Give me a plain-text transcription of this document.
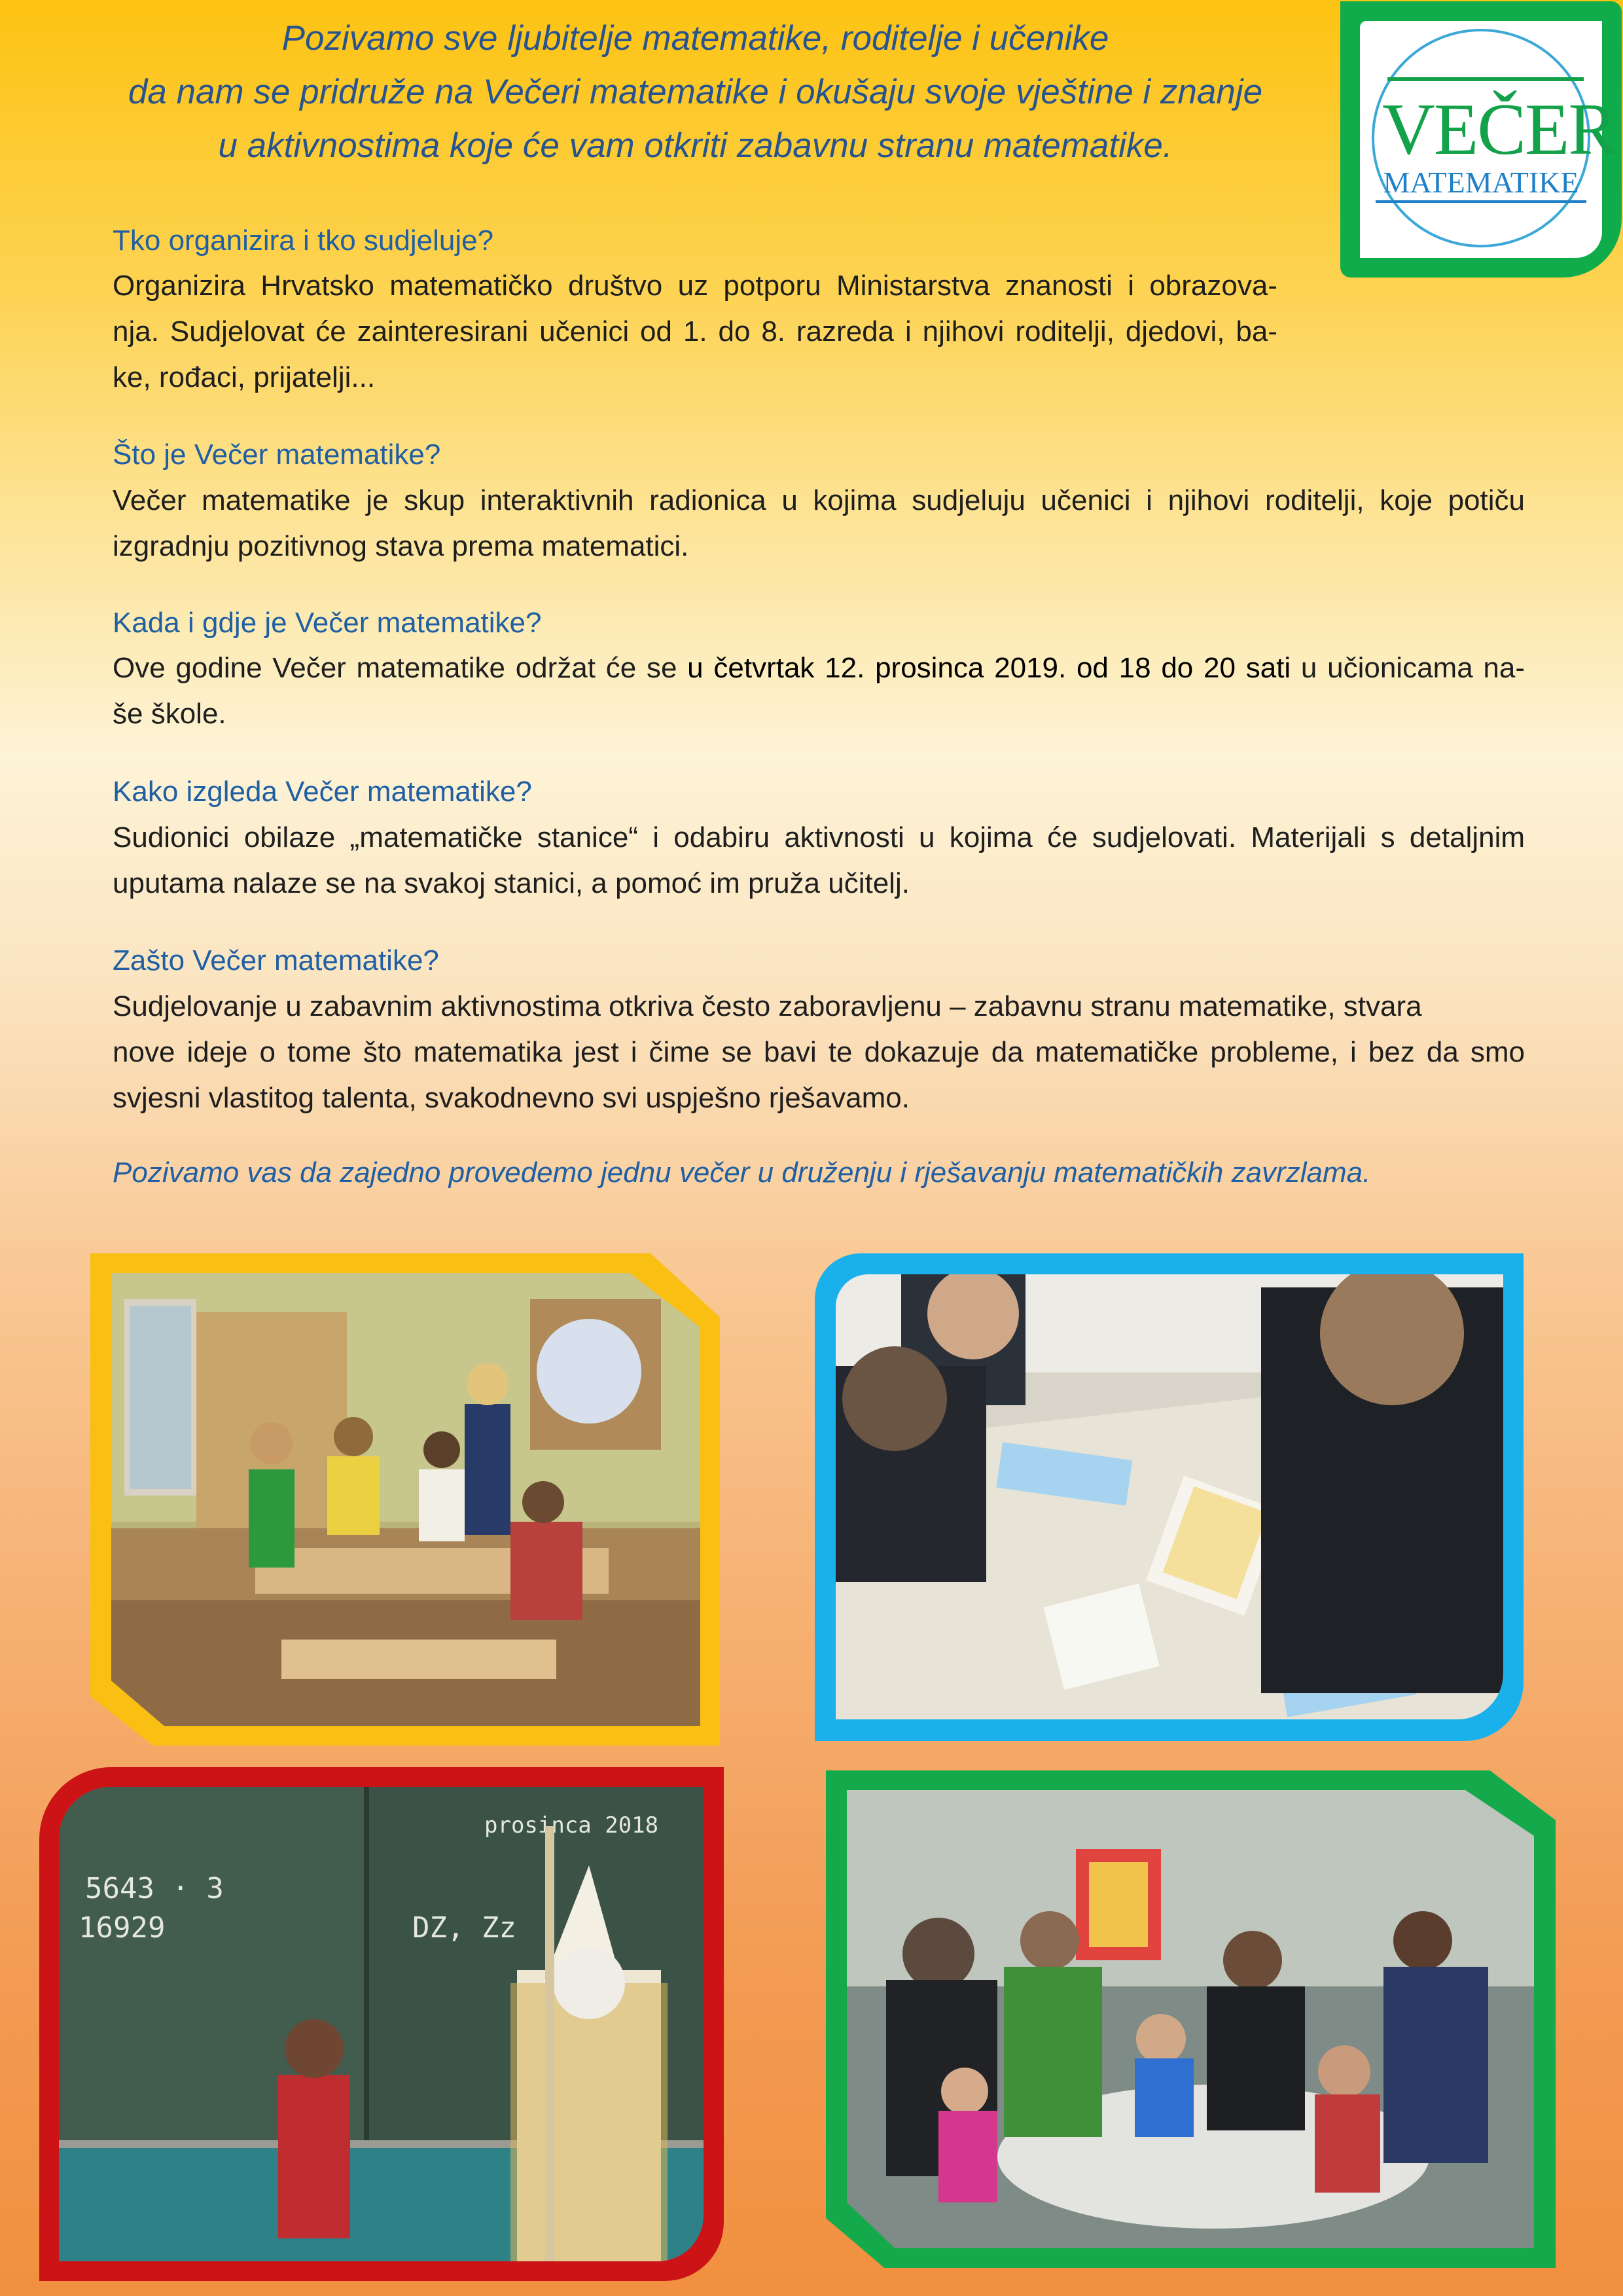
Pozivamo sve ljubitelje matematike, roditelje i učenike
da nam se pridruže na Večeri matematike i okušaju svoje vještine i znanje
u aktivnostima koje će vam otkriti zabavnu stranu matematike.	VEČER
MATEMATIKE
Tko organizira i tko sudjeluje?
Organizira Hrvatsko matematičko društvo uz potporu Ministarstva znanosti i obrazova-
nja. Sudjelovat će zainteresirani učenici od 1. do 8. razreda i njihovi roditelji, djedovi, ba-
ke, rođaci, prijatelji...
Što je Večer matematike?
Večer matematike je skup interaktivnih radionica u kojima sudjeluju učenici i njihovi roditelji, koje potiču
izgradnju pozitivnog stava prema matematici.
Kada i gdje je Večer matematike?
Ove godine Večer matematike održat će se u četvrtak 12. prosinca 2019. od 18 do 20 sati u učionicama na-
še škole.
Kako izgleda Večer matematike?
Sudionici obilaze „matematičke stanice“ i odabiru aktivnosti u kojima će sudjelovati. Materijali s detaljnim
uputama nalaze se na svakoj stanici, a pomoć im pruža učitelj.
Zašto Večer matematike?
Sudjelovanje u zabavnim aktivnostima otkriva često zaboravljenu – zabavnu stranu matematike, stvara
nove ideje o tome što matematika jest i čime se bavi te dokazuje da matematičke probleme, i bez da smo
svjesni vlastitog talenta, svakodnevno svi uspješno rješavamo.
Pozivamo vas da zajedno provedemo jednu večer u druženju i rješavanju matematičkih zavrzlama.
5643 · 3
16929	DZ, Zz
prosinca 2018
